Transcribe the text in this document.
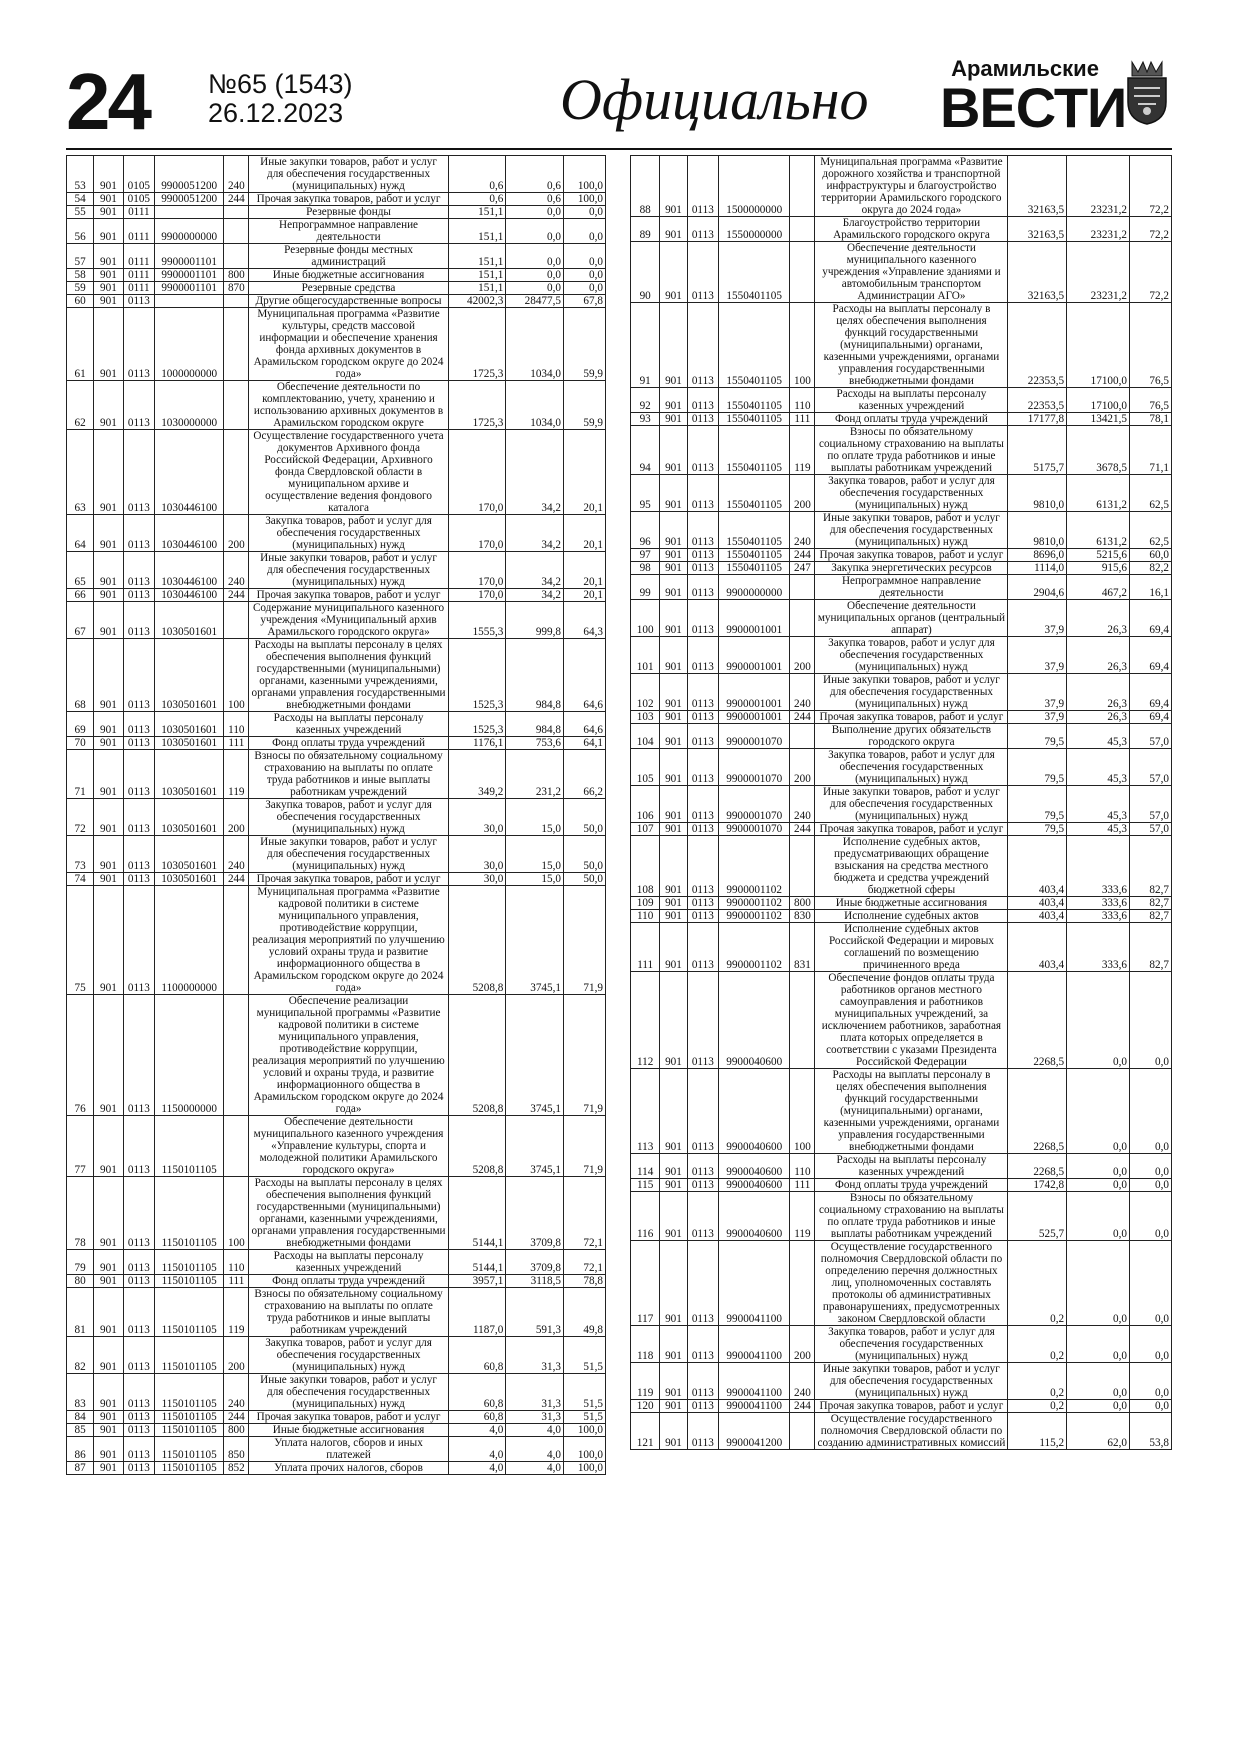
24 №65 (1543)
26.12.2023	Официально	Арамильские
ВЕСТИ
53	901	0105	9900051200	240	Иные закупки товаров, работ и услуг для обеспечения государственных (муниципальных) нужд	0,6	0,6	100,0
54	901	0105	9900051200	244	Прочая закупка товаров, работ и услуг	0,6	0,6	100,0
55	901	0111			Резервные фонды	151,1	0,0	0,0
56	901	0111	9900000000		Непрограммное направление деятельности	151,1	0,0	0,0
57	901	0111	9900001101		Резервные фонды местных администраций	151,1	0,0	0,0
58	901	0111	9900001101	800	Иные бюджетные ассигнования	151,1	0,0	0,0
59	901	0111	9900001101	870	Резервные средства	151,1	0,0	0,0
60	901	0113			Другие общегосударственные вопросы	42002,3	28477,5	67,8
61	901	0113	1000000000		Муниципальная программа «Развитие культуры, средств массовой информации и обеспечение хранения фонда архивных документов в Арамильском городском округе до 2024 года»	1725,3	1034,0	59,9
62	901	0113	1030000000		Обеспечение деятельности по комплектованию, учету, хранению и использованию архивных документов в Арамильском городском округе	1725,3	1034,0	59,9
63	901	0113	1030446100		Осуществление государственного учета документов Архивного фонда Российской Федерации, Архивного фонда Свердловской области в муниципальном архиве и осуществление ведения фондового каталога	170,0	34,2	20,1
64	901	0113	1030446100	200	Закупка товаров, работ и услуг для обеспечения государственных (муниципальных) нужд	170,0	34,2	20,1
65	901	0113	1030446100	240	Иные закупки товаров, работ и услуг для обеспечения государственных (муниципальных) нужд	170,0	34,2	20,1
66	901	0113	1030446100	244	Прочая закупка товаров, работ и услуг	170,0	34,2	20,1
67	901	0113	1030501601		Содержание муниципального казенного учреждения «Муниципальный архив Арамильского городского округа»	1555,3	999,8	64,3
68	901	0113	1030501601	100	Расходы на выплаты персоналу в целях обеспечения выполнения функций государственными (муниципальными) органами, казенными учреждениями, органами управления государственными внебюджетными фондами	1525,3	984,8	64,6
69	901	0113	1030501601	110	Расходы на выплаты персоналу казенных учреждений	1525,3	984,8	64,6
70	901	0113	1030501601	111	Фонд оплаты труда учреждений	1176,1	753,6	64,1
71	901	0113	1030501601	119	Взносы по обязательному социальному страхованию на выплаты по оплате труда работников и иные выплаты работникам учреждений	349,2	231,2	66,2
72	901	0113	1030501601	200	Закупка товаров, работ и услуг для обеспечения государственных (муниципальных) нужд	30,0	15,0	50,0
73	901	0113	1030501601	240	Иные закупки товаров, работ и услуг для обеспечения государственных (муниципальных) нужд	30,0	15,0	50,0
74	901	0113	1030501601	244	Прочая закупка товаров, работ и услуг	30,0	15,0	50,0
75	901	0113	1100000000		Муниципальная программа «Развитие кадровой политики в системе муниципального управления, противодействие коррупции, реализация мероприятий по улучшению условий охраны труда и развитие информационного общества в Арамильском городском округе до 2024 года»	5208,8	3745,1	71,9
76	901	0113	1150000000		Обеспечение реализации муниципальной программы «Развитие кадровой политики в системе муниципального управления, противодействие коррупции, реализация мероприятий по улучшению условий и охраны труда, и развитие информационного общества в Арамильском городском округе до 2024 года»	5208,8	3745,1	71,9
77	901	0113	1150101105		Обеспечение деятельности муниципального казенного учреждения «Управление культуры, спорта и молодежной политики Арамильского городского округа»	5208,8	3745,1	71,9
78	901	0113	1150101105	100	Расходы на выплаты персоналу в целях обеспечения выполнения функций государственными (муниципальными) органами, казенными учреждениями, органами управления государственными внебюджетными фондами	5144,1	3709,8	72,1
79	901	0113	1150101105	110	Расходы на выплаты персоналу казенных учреждений	5144,1	3709,8	72,1
80	901	0113	1150101105	111	Фонд оплаты труда учреждений	3957,1	3118,5	78,8
81	901	0113	1150101105	119	Взносы по обязательному социальному страхованию на выплаты по оплате труда работников и иные выплаты работникам учреждений	1187,0	591,3	49,8
82	901	0113	1150101105	200	Закупка товаров, работ и услуг для обеспечения государственных (муниципальных) нужд	60,8	31,3	51,5
83	901	0113	1150101105	240	Иные закупки товаров, работ и услуг для обеспечения государственных (муниципальных) нужд	60,8	31,3	51,5
84	901	0113	1150101105	244	Прочая закупка товаров, работ и услуг	60,8	31,3	51,5
85	901	0113	1150101105	800	Иные бюджетные ассигнования	4,0	4,0	100,0
86	901	0113	1150101105	850	Уплата налогов, сборов и иных платежей	4,0	4,0	100,0
87	901	0113	1150101105	852	Уплата прочих налогов, сборов	4,0	4,0	100,0
88	901	0113	1500000000		Муниципальная программа «Развитие дорожного хозяйства и транспортной инфраструктуры и благоустройство территории Арамильского городского округа до 2024 года»	32163,5	23231,2	72,2
89	901	0113	1550000000		Благоустройство территории Арамильского городского округа	32163,5	23231,2	72,2
90	901	0113	1550401105		Обеспечение деятельности муниципального казенного учреждения «Управление зданиями и автомобильным транспортом Администрации АГО»	32163,5	23231,2	72,2
91	901	0113	1550401105	100	Расходы на выплаты персоналу в целях обеспечения выполнения функций государственными (муниципальными) органами, казенными учреждениями, органами управления государственными внебюджетными фондами	22353,5	17100,0	76,5
92	901	0113	1550401105	110	Расходы на выплаты персоналу казенных учреждений	22353,5	17100,0	76,5
93	901	0113	1550401105	111	Фонд оплаты труда учреждений	17177,8	13421,5	78,1
94	901	0113	1550401105	119	Взносы по обязательному социальному страхованию на выплаты по оплате труда работников и иные выплаты работникам учреждений	5175,7	3678,5	71,1
95	901	0113	1550401105	200	Закупка товаров, работ и услуг для обеспечения государственных (муниципальных) нужд	9810,0	6131,2	62,5
96	901	0113	1550401105	240	Иные закупки товаров, работ и услуг для обеспечения государственных (муниципальных) нужд	9810,0	6131,2	62,5
97	901	0113	1550401105	244	Прочая закупка товаров, работ и услуг	8696,0	5215,6	60,0
98	901	0113	1550401105	247	Закупка энергетических ресурсов	1114,0	915,6	82,2
99	901	0113	9900000000		Непрограммное направление деятельности	2904,6	467,2	16,1
100	901	0113	9900001001		Обеспечение деятельности муниципальных органов (центральный аппарат)	37,9	26,3	69,4
101	901	0113	9900001001	200	Закупка товаров, работ и услуг для обеспечения государственных (муниципальных) нужд	37,9	26,3	69,4
102	901	0113	9900001001	240	Иные закупки товаров, работ и услуг для обеспечения государственных (муниципальных) нужд	37,9	26,3	69,4
103	901	0113	9900001001	244	Прочая закупка товаров, работ и услуг	37,9	26,3	69,4
104	901	0113	9900001070		Выполнение других обязательств городского округа	79,5	45,3	57,0
105	901	0113	9900001070	200	Закупка товаров, работ и услуг для обеспечения государственных (муниципальных) нужд	79,5	45,3	57,0
106	901	0113	9900001070	240	Иные закупки товаров, работ и услуг для обеспечения государственных (муниципальных) нужд	79,5	45,3	57,0
107	901	0113	9900001070	244	Прочая закупка товаров, работ и услуг	79,5	45,3	57,0
108	901	0113	9900001102		Исполнение судебных актов, предусматривающих обращение взыскания на средства местного бюджета и средства учреждений бюджетной сферы	403,4	333,6	82,7
109	901	0113	9900001102	800	Иные бюджетные ассигнования	403,4	333,6	82,7
110	901	0113	9900001102	830	Исполнение судебных актов	403,4	333,6	82,7
111	901	0113	9900001102	831	Исполнение судебных актов Российской Федерации и мировых соглашений по возмещению причиненного вреда	403,4	333,6	82,7
112	901	0113	9900040600		Обеспечение фондов оплаты труда работников органов местного самоуправления и работников муниципальных учреждений, за исключением работников, заработная плата которых определяется в соответствии с указами Президента Российской Федерации	2268,5	0,0	0,0
113	901	0113	9900040600	100	Расходы на выплаты персоналу в целях обеспечения выполнения функций государственными (муниципальными) органами, казенными учреждениями, органами управления государственными внебюджетными фондами	2268,5	0,0	0,0
114	901	0113	9900040600	110	Расходы на выплаты персоналу казенных учреждений	2268,5	0,0	0,0
115	901	0113	9900040600	111	Фонд оплаты труда учреждений	1742,8	0,0	0,0
116	901	0113	9900040600	119	Взносы по обязательному социальному страхованию на выплаты по оплате труда работников и иные выплаты работникам учреждений	525,7	0,0	0,0
117	901	0113	9900041100		Осуществление государственного полномочия Свердловской области по определению перечня должностных лиц, уполномоченных составлять протоколы об административных правонарушениях, предусмотренных законом Свердловской области	0,2	0,0	0,0
118	901	0113	9900041100	200	Закупка товаров, работ и услуг для обеспечения государственных (муниципальных) нужд	0,2	0,0	0,0
119	901	0113	9900041100	240	Иные закупки товаров, работ и услуг для обеспечения государственных (муниципальных) нужд	0,2	0,0	0,0
120	901	0113	9900041100	244	Прочая закупка товаров, работ и услуг	0,2	0,0	0,0
121	901	0113	9900041200		Осуществление государственного полномочия Свердловской области по созданию административных комиссий	115,2	62,0	53,8
